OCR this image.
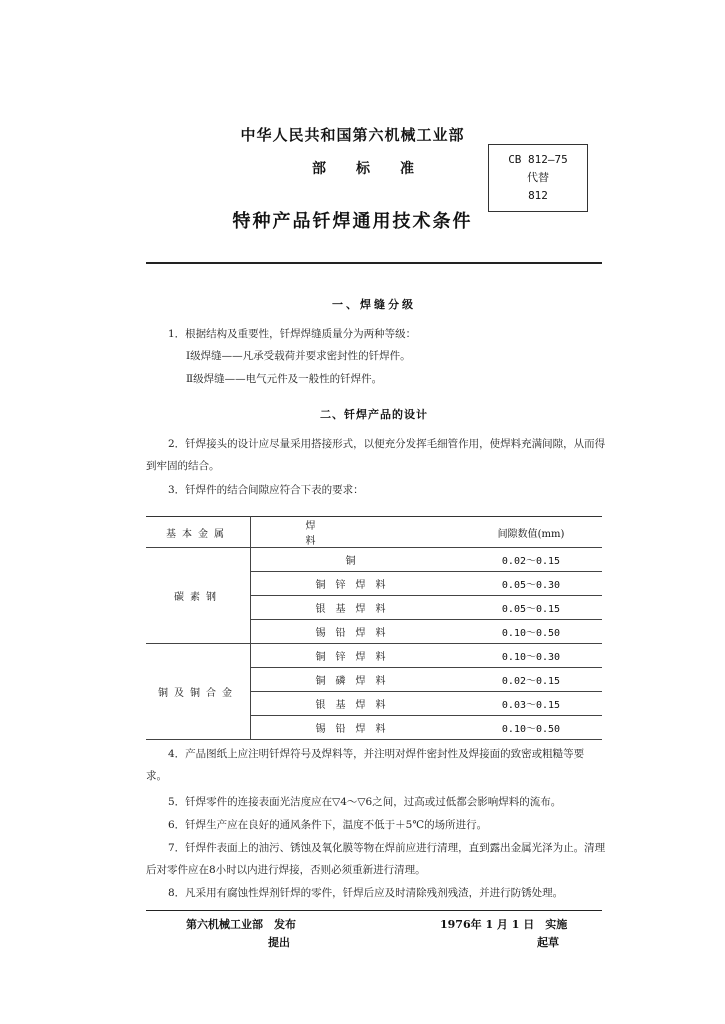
中华人民共和国第六机械工业部
部标准
CB 812—75
代替
812
特种产品钎焊通用技术条件
一、焊缝分级
1．根据结构及重要性，钎焊焊缝质量分为两种等级：
Ⅰ级焊缝——凡承受载荷并要求密封性的钎焊件。
Ⅱ级焊缝——电气元件及一般性的钎焊件。
二、钎焊产品的设计
2．钎焊接头的设计应尽量采用搭接形式，以便充分发挥毛细管作用，使焊料充满间隙，从而得
到牢固的结合。
3．钎焊件的结合间隙应符合下表的要求：
基本金属	焊料	间隙数值(mm)
碳素钢	铜	0.02～0.15
	铜锌焊料	0.05～0.30
	银基焊料	0.05～0.15
	锡铅焊料	0.10～0.50
铜及铜合金	铜锌焊料	0.10～0.30
	铜磷焊料	0.02～0.15
	银基焊料	0.03～0.15
	锡铅焊料	0.10～0.50
4．产品图纸上应注明钎焊符号及焊料等，并注明对焊件密封性及焊接面的致密或粗糙等要
求。
5．钎焊零件的连接表面光洁度应在▽4～▽6之间，过高或过低都会影响焊料的流布。
6．钎焊生产应在良好的通风条件下，温度不低于＋5℃的场所进行。
7．钎焊件表面上的油污、锈蚀及氧化膜等物在焊前应进行清理，直到露出金属光泽为止。清理
后对零件应在8小时以内进行焊接，否则必须重新进行清理。
8．凡采用有腐蚀性焊剂钎焊的零件，钎焊后应及时清除残剂残渣，并进行防锈处理。
第六机械工业部　发布
提出
1976年 1 月 1 日　实施
起草
